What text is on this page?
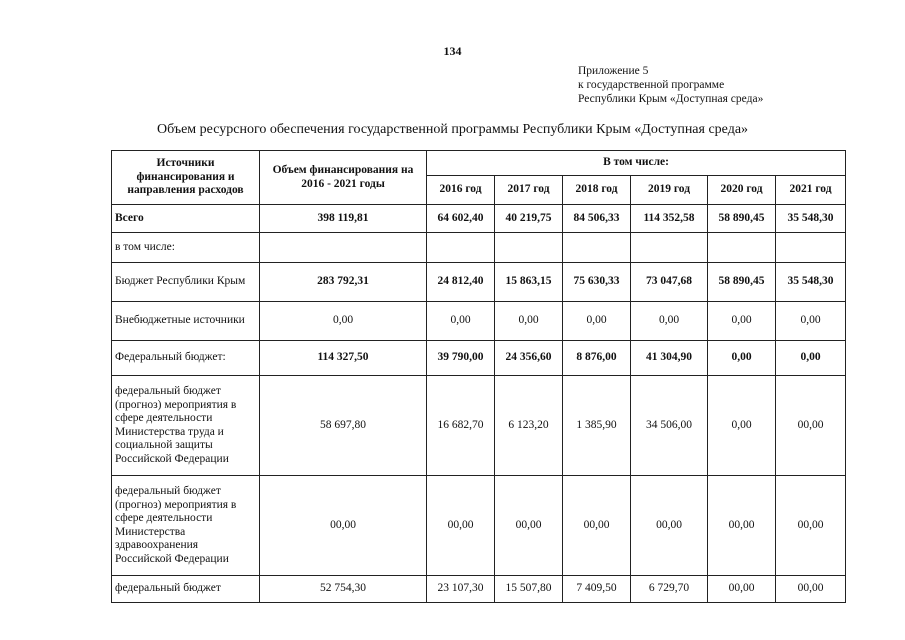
134
Приложение 5
к государственной программе
Республики Крым «Доступная среда»
Объем ресурсного обеспечения государственной программы Республики Крым «Доступная среда»
Источники финансирования и направления расходов	Объем финансирования на 2016 - 2021 годы	В том числе:					
		2016 год	2017 год	2018 год	2019 год	2020 год	2021 год
Всего	398 119,81	64 602,40	40 219,75	84 506,33	114 352,58	58 890,45	35 548,30
в том числе:							
Бюджет Республики Крым	283 792,31	24 812,40	15 863,15	75 630,33	73 047,68	58 890,45	35 548,30
Внебюджетные источники	0,00	0,00	0,00	0,00	0,00	0,00	0,00
Федеральный бюджет:	114 327,50	39 790,00	24 356,60	8 876,00	41 304,90	0,00	0,00
федеральный бюджет (прогноз) мероприятия в сфере деятельности Министерства труда и социальной защиты Российской Федерации	58 697,80	16 682,70	6 123,20	1 385,90	34 506,00	0,00	00,00
федеральный бюджет (прогноз) мероприятия в сфере деятельности Министерства здравоохранения Российской Федерации	00,00	00,00	00,00	00,00	00,00	00,00	00,00
федеральный бюджет	52 754,30	23 107,30	15 507,80	7 409,50	6 729,70	00,00	00,00
